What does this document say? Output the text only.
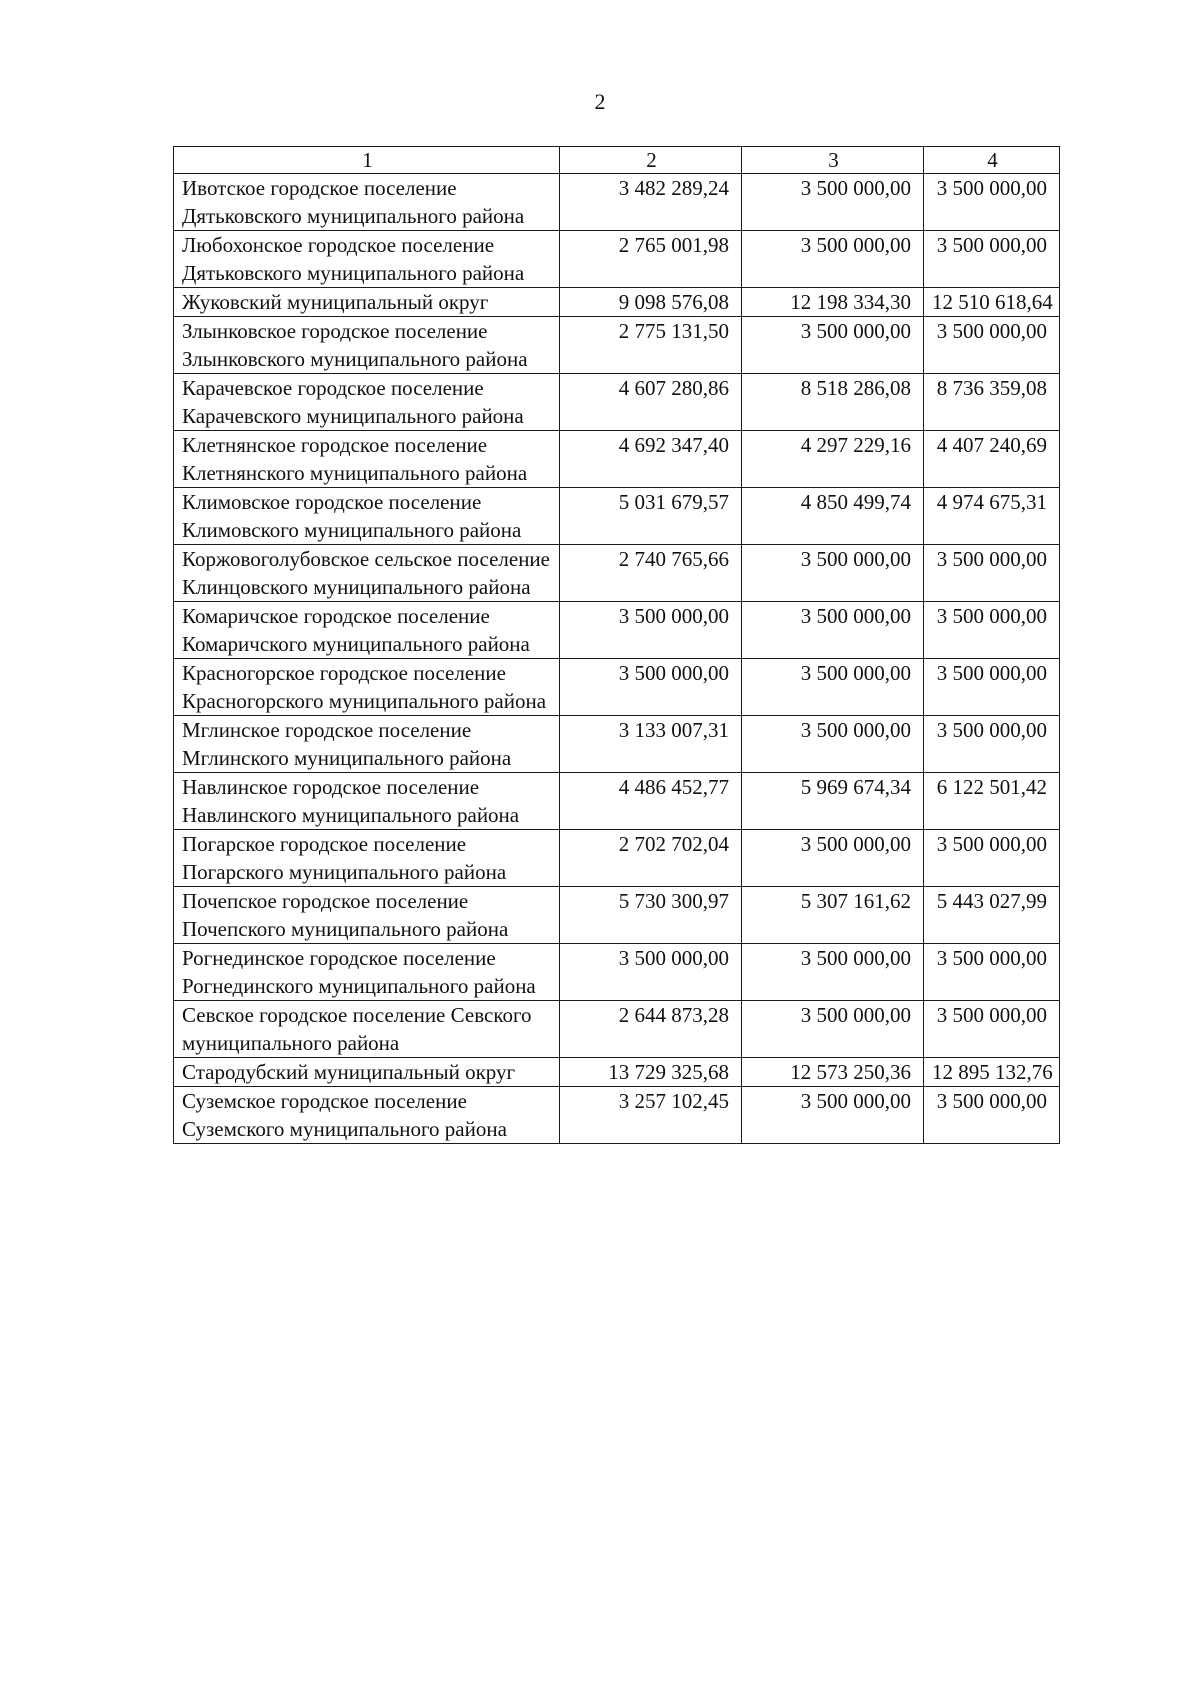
2
1	2	3	4
Ивотское городское поселение Дятьковского муниципального района	3 482 289,24	3 500 000,00	3 500 000,00
Любохонское городское поселение Дятьковского муниципального района	2 765 001,98	3 500 000,00	3 500 000,00
Жуковский муниципальный округ	9 098 576,08	12 198 334,30	12 510 618,64
Злынковское городское поселение Злынковского муниципального района	2 775 131,50	3 500 000,00	3 500 000,00
Карачевское городское поселение Карачевского муниципального района	4 607 280,86	8 518 286,08	8 736 359,08
Клетнянское городское поселение Клетнянского муниципального района	4 692 347,40	4 297 229,16	4 407 240,69
Климовское городское поселение Климовского муниципального района	5 031 679,57	4 850 499,74	4 974 675,31
Коржовоголубовское сельское поселение Клинцовского муниципального района	2 740 765,66	3 500 000,00	3 500 000,00
Комаричское городское поселение Комаричского муниципального района	3 500 000,00	3 500 000,00	3 500 000,00
Красногорское городское поселение Красногорского муниципального района	3 500 000,00	3 500 000,00	3 500 000,00
Мглинское городское поселение Мглинского муниципального района	3 133 007,31	3 500 000,00	3 500 000,00
Навлинское городское поселение Навлинского муниципального района	4 486 452,77	5 969 674,34	6 122 501,42
Погарское городское поселение Погарского муниципального района	2 702 702,04	3 500 000,00	3 500 000,00
Почепское городское поселение Почепского муниципального района	5 730 300,97	5 307 161,62	5 443 027,99
Рогнединское городское поселение Рогнединского муниципального района	3 500 000,00	3 500 000,00	3 500 000,00
Севское городское поселение Севского муниципального района	2 644 873,28	3 500 000,00	3 500 000,00
Стародубский муниципальный округ	13 729 325,68	12 573 250,36	12 895 132,76
Суземское городское поселение Суземского муниципального района	3 257 102,45	3 500 000,00	3 500 000,00
